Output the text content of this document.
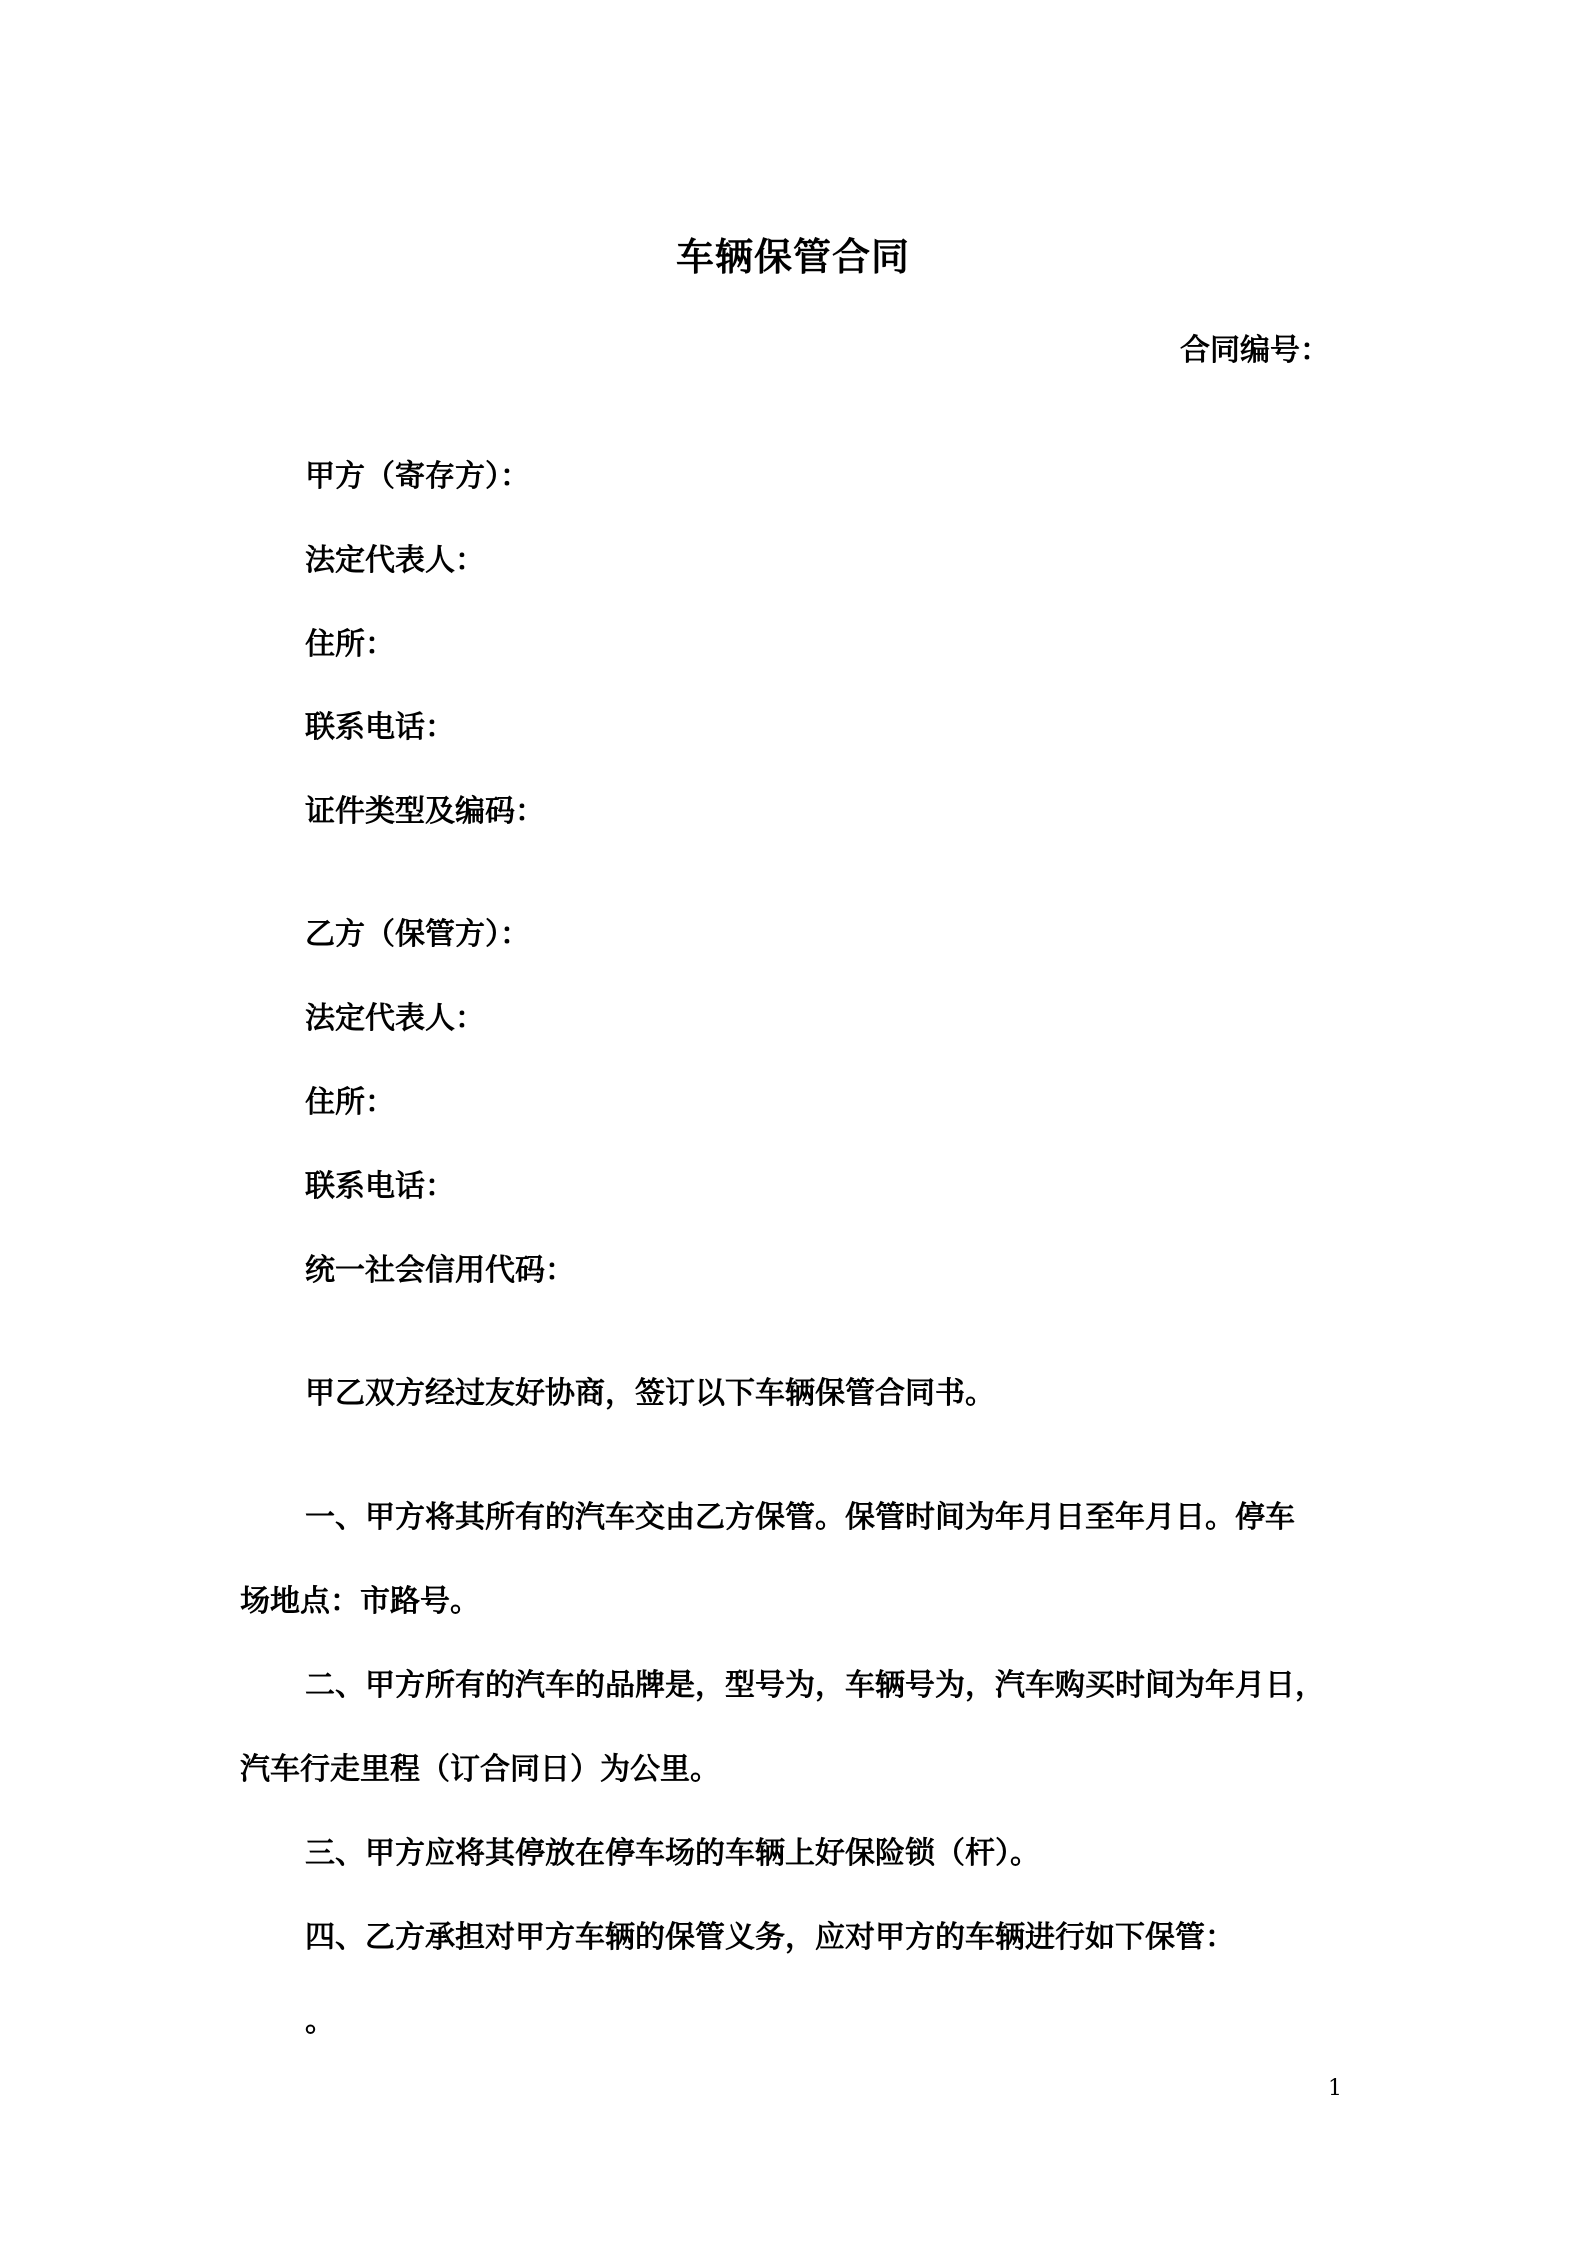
车辆保管合同
合同编号：
甲方（寄存方）：
法定代表人：
住所：
联系电话：
证件类型及编码：
乙方（保管方）：
法定代表人：
住所：
联系电话：
统一社会信用代码：
甲乙双方经过友好协商，签订以下车辆保管合同书。
一、甲方将其所有的汽车交由乙方保管。保管时间为年月日至年月日。停车
场地点：市路号。
二、甲方所有的汽车的品牌是，型号为，车辆号为，汽车购买时间为年月日，
汽车行走里程（订合同日）为公里。
三、甲方应将其停放在停车场的车辆上好保险锁（杆）。
四、乙方承担对甲方车辆的保管义务，应对甲方的车辆进行如下保管：
。
1
